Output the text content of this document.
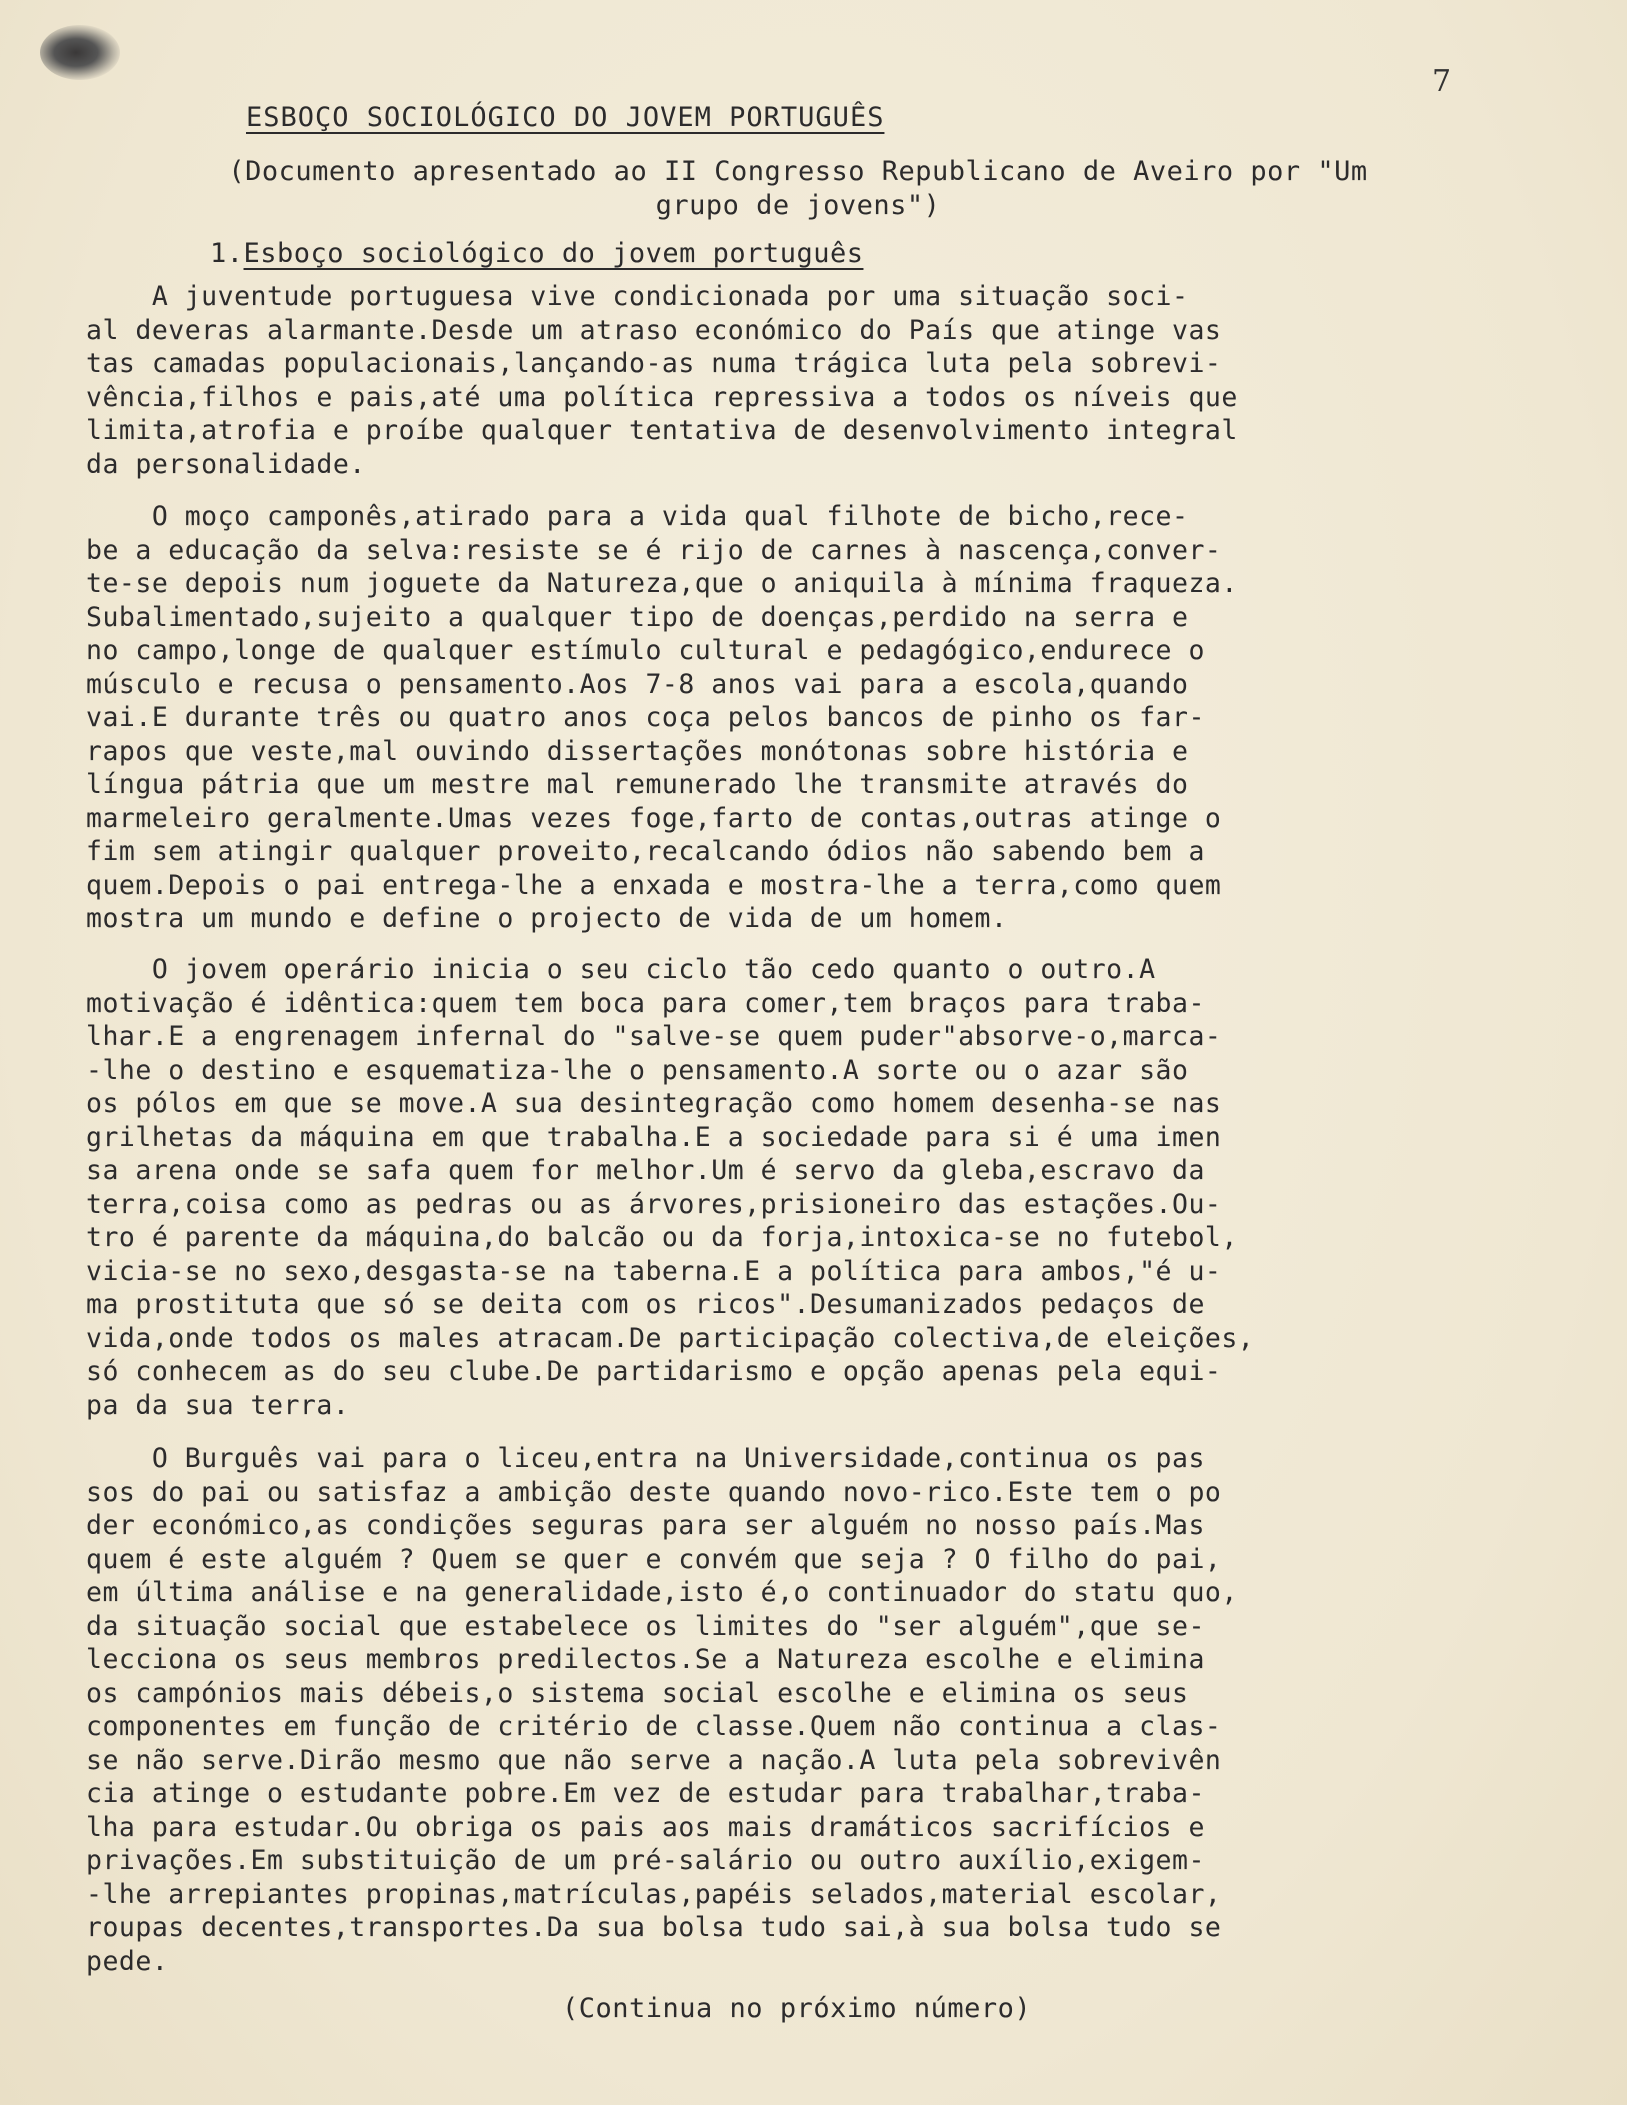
7
ESBOÇO SOCIOLÓGICO DO JOVEM PORTUGUÊS
(Documento apresentado ao II Congresso Republicano de Aveiro por "Um
grupo de jovens")
1.Esboço sociológico do jovem português
A juventude portuguesa vive condicionada por uma situação soci-
al deveras alarmante.Desde um atraso económico do País que atinge vas
tas camadas populacionais,lançando-as numa trágica luta pela sobrevi-
vência,filhos e pais,até uma política repressiva a todos os níveis que
limita,atrofia e proíbe qualquer tentativa de desenvolvimento integral
da personalidade.
O moço camponês,atirado para a vida qual filhote de bicho,rece-
be a educação da selva:resiste se é rijo de carnes à nascença,conver-
te-se depois num joguete da Natureza,que o aniquila à mínima fraqueza.
Subalimentado,sujeito a qualquer tipo de doenças,perdido na serra e
no campo,longe de qualquer estímulo cultural e pedagógico,endurece o
músculo e recusa o pensamento.Aos 7-8 anos vai para a escola,quando
vai.E durante três ou quatro anos coça pelos bancos de pinho os far-
rapos que veste,mal ouvindo dissertações monótonas sobre história e
língua pátria que um mestre mal remunerado lhe transmite através do
marmeleiro geralmente.Umas vezes foge,farto de contas,outras atinge o
fim sem atingir qualquer proveito,recalcando ódios não sabendo bem a
quem.Depois o pai entrega-lhe a enxada e mostra-lhe a terra,como quem
mostra um mundo e define o projecto de vida de um homem.
O jovem operário inicia o seu ciclo tão cedo quanto o outro.A
motivação é idêntica:quem tem boca para comer,tem braços para traba-
lhar.E a engrenagem infernal do "salve-se quem puder"absorve-o,marca-
-lhe o destino e esquematiza-lhe o pensamento.A sorte ou o azar são
os pólos em que se move.A sua desintegração como homem desenha-se nas
grilhetas da máquina em que trabalha.E a sociedade para si é uma imen
sa arena onde se safa quem for melhor.Um é servo da gleba,escravo da
terra,coisa como as pedras ou as árvores,prisioneiro das estações.Ou-
tro é parente da máquina,do balcão ou da forja,intoxica-se no futebol,
vicia-se no sexo,desgasta-se na taberna.E a política para ambos,"é u-
ma prostituta que só se deita com os ricos".Desumanizados pedaços de
vida,onde todos os males atracam.De participação colectiva,de eleições,
só conhecem as do seu clube.De partidarismo e opção apenas pela equi-
pa da sua terra.
O Burguês vai para o liceu,entra na Universidade,continua os pas
sos do pai ou satisfaz a ambição deste quando novo-rico.Este tem o po
der económico,as condições seguras para ser alguém no nosso país.Mas
quem é este alguém ? Quem se quer e convém que seja ? O filho do pai,
em última análise e na generalidade,isto é,o continuador do statu quo,
da situação social que estabelece os limites do "ser alguém",que se-
lecciona os seus membros predilectos.Se a Natureza escolhe e elimina
os campónios mais débeis,o sistema social escolhe e elimina os seus
componentes em função de critério de classe.Quem não continua a clas-
se não serve.Dirão mesmo que não serve a nação.A luta pela sobrevivên
cia atinge o estudante pobre.Em vez de estudar para trabalhar,traba-
lha para estudar.Ou obriga os pais aos mais dramáticos sacrifícios e
privações.Em substituição de um pré-salário ou outro auxílio,exigem-
-lhe arrepiantes propinas,matrículas,papéis selados,material escolar,
roupas decentes,transportes.Da sua bolsa tudo sai,à sua bolsa tudo se
pede.
(Continua no próximo número)
